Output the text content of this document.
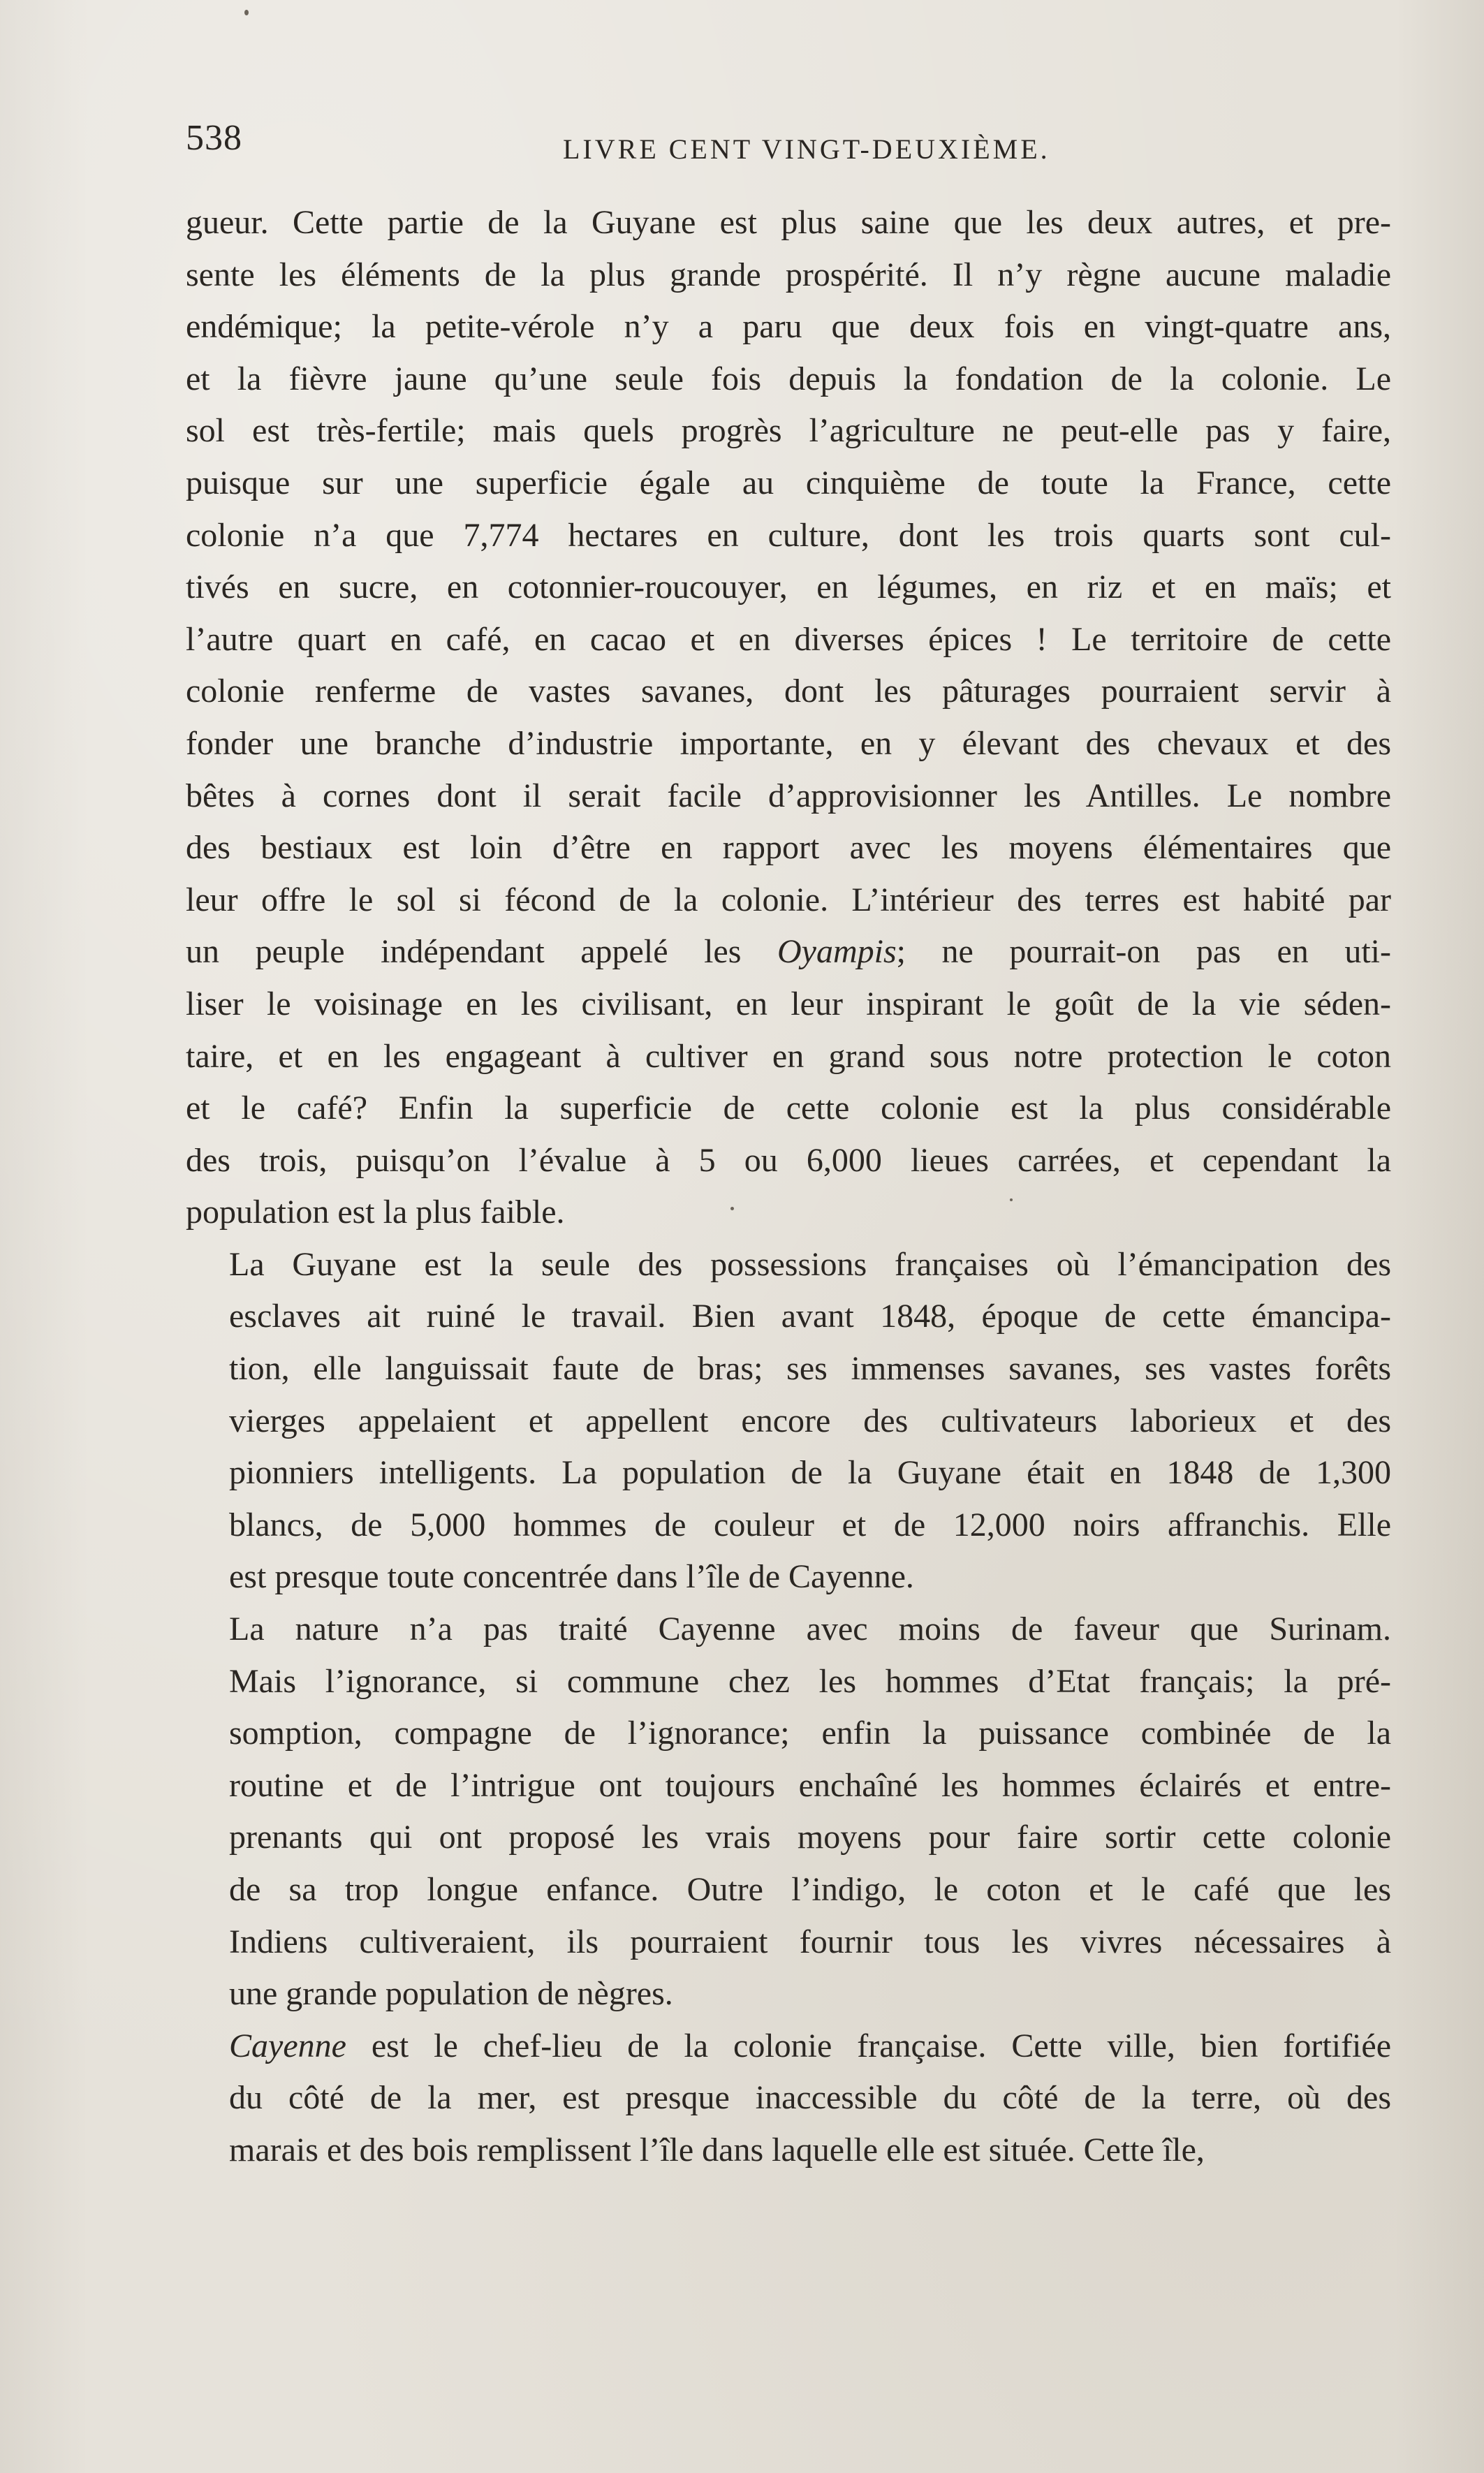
538	LIVRE CENT VINGT-DEUXIÈME.

gueur. Cette partie de la Guyane est plus saine que les deux autres, et pre-
sente les éléments de la plus grande prospérité. Il n’y règne aucune maladie
endémique; la petite-vérole n’y a paru que deux fois en vingt-quatre ans,
et la fièvre jaune qu’une seule fois depuis la fondation de la colonie. Le
sol est très-fertile; mais quels progrès l’agriculture ne peut-elle pas y faire,
puisque sur une superficie égale au cinquième de toute la France, cette
colonie n’a que 7,774 hectares en culture, dont les trois quarts sont cul-
tivés en sucre, en cotonnier-roucouyer, en légumes, en riz et en maïs; et
l’autre quart en café, en cacao et en diverses épices ! Le territoire de cette
colonie renferme de vastes savanes, dont les pâturages pourraient servir à
fonder une branche d’industrie importante, en y élevant des chevaux et des
bêtes à cornes dont il serait facile d’approvisionner les Antilles. Le nombre
des bestiaux est loin d’être en rapport avec les moyens élémentaires que
leur offre le sol si fécond de la colonie. L’intérieur des terres est habité par
un peuple indépendant appelé les Oyampis; ne pourrait-on pas en uti-
liser le voisinage en les civilisant, en leur inspirant le goût de la vie séden-
taire, et en les engageant à cultiver en grand sous notre protection le coton
et le café? Enfin la superficie de cette colonie est la plus considérable
des trois, puisqu’on l’évalue à 5 ou 6,000 lieues carrées, et cependant la
population est la plus faible.

La Guyane est la seule des possessions françaises où l’émancipation des
esclaves ait ruiné le travail. Bien avant 1848, époque de cette émancipa-
tion, elle languissait faute de bras; ses immenses savanes, ses vastes forêts
vierges appelaient et appellent encore des cultivateurs laborieux et des
pionniers intelligents. La population de la Guyane était en 1848 de 1,300
blancs, de 5,000 hommes de couleur et de 12,000 noirs affranchis. Elle
est presque toute concentrée dans l’île de Cayenne.

La nature n’a pas traité Cayenne avec moins de faveur que Surinam.
Mais l’ignorance, si commune chez les hommes d’Etat français; la pré-
somption, compagne de l’ignorance; enfin la puissance combinée de la
routine et de l’intrigue ont toujours enchaîné les hommes éclairés et entre-
prenants qui ont proposé les vrais moyens pour faire sortir cette colonie
de sa trop longue enfance. Outre l’indigo, le coton et le café que les
Indiens cultiveraient, ils pourraient fournir tous les vivres nécessaires à
une grande population de nègres.

Cayenne est le chef-lieu de la colonie française. Cette ville, bien fortifiée
du côté de la mer, est presque inaccessible du côté de la terre, où des
marais et des bois remplissent l’île dans laquelle elle est située. Cette île,
